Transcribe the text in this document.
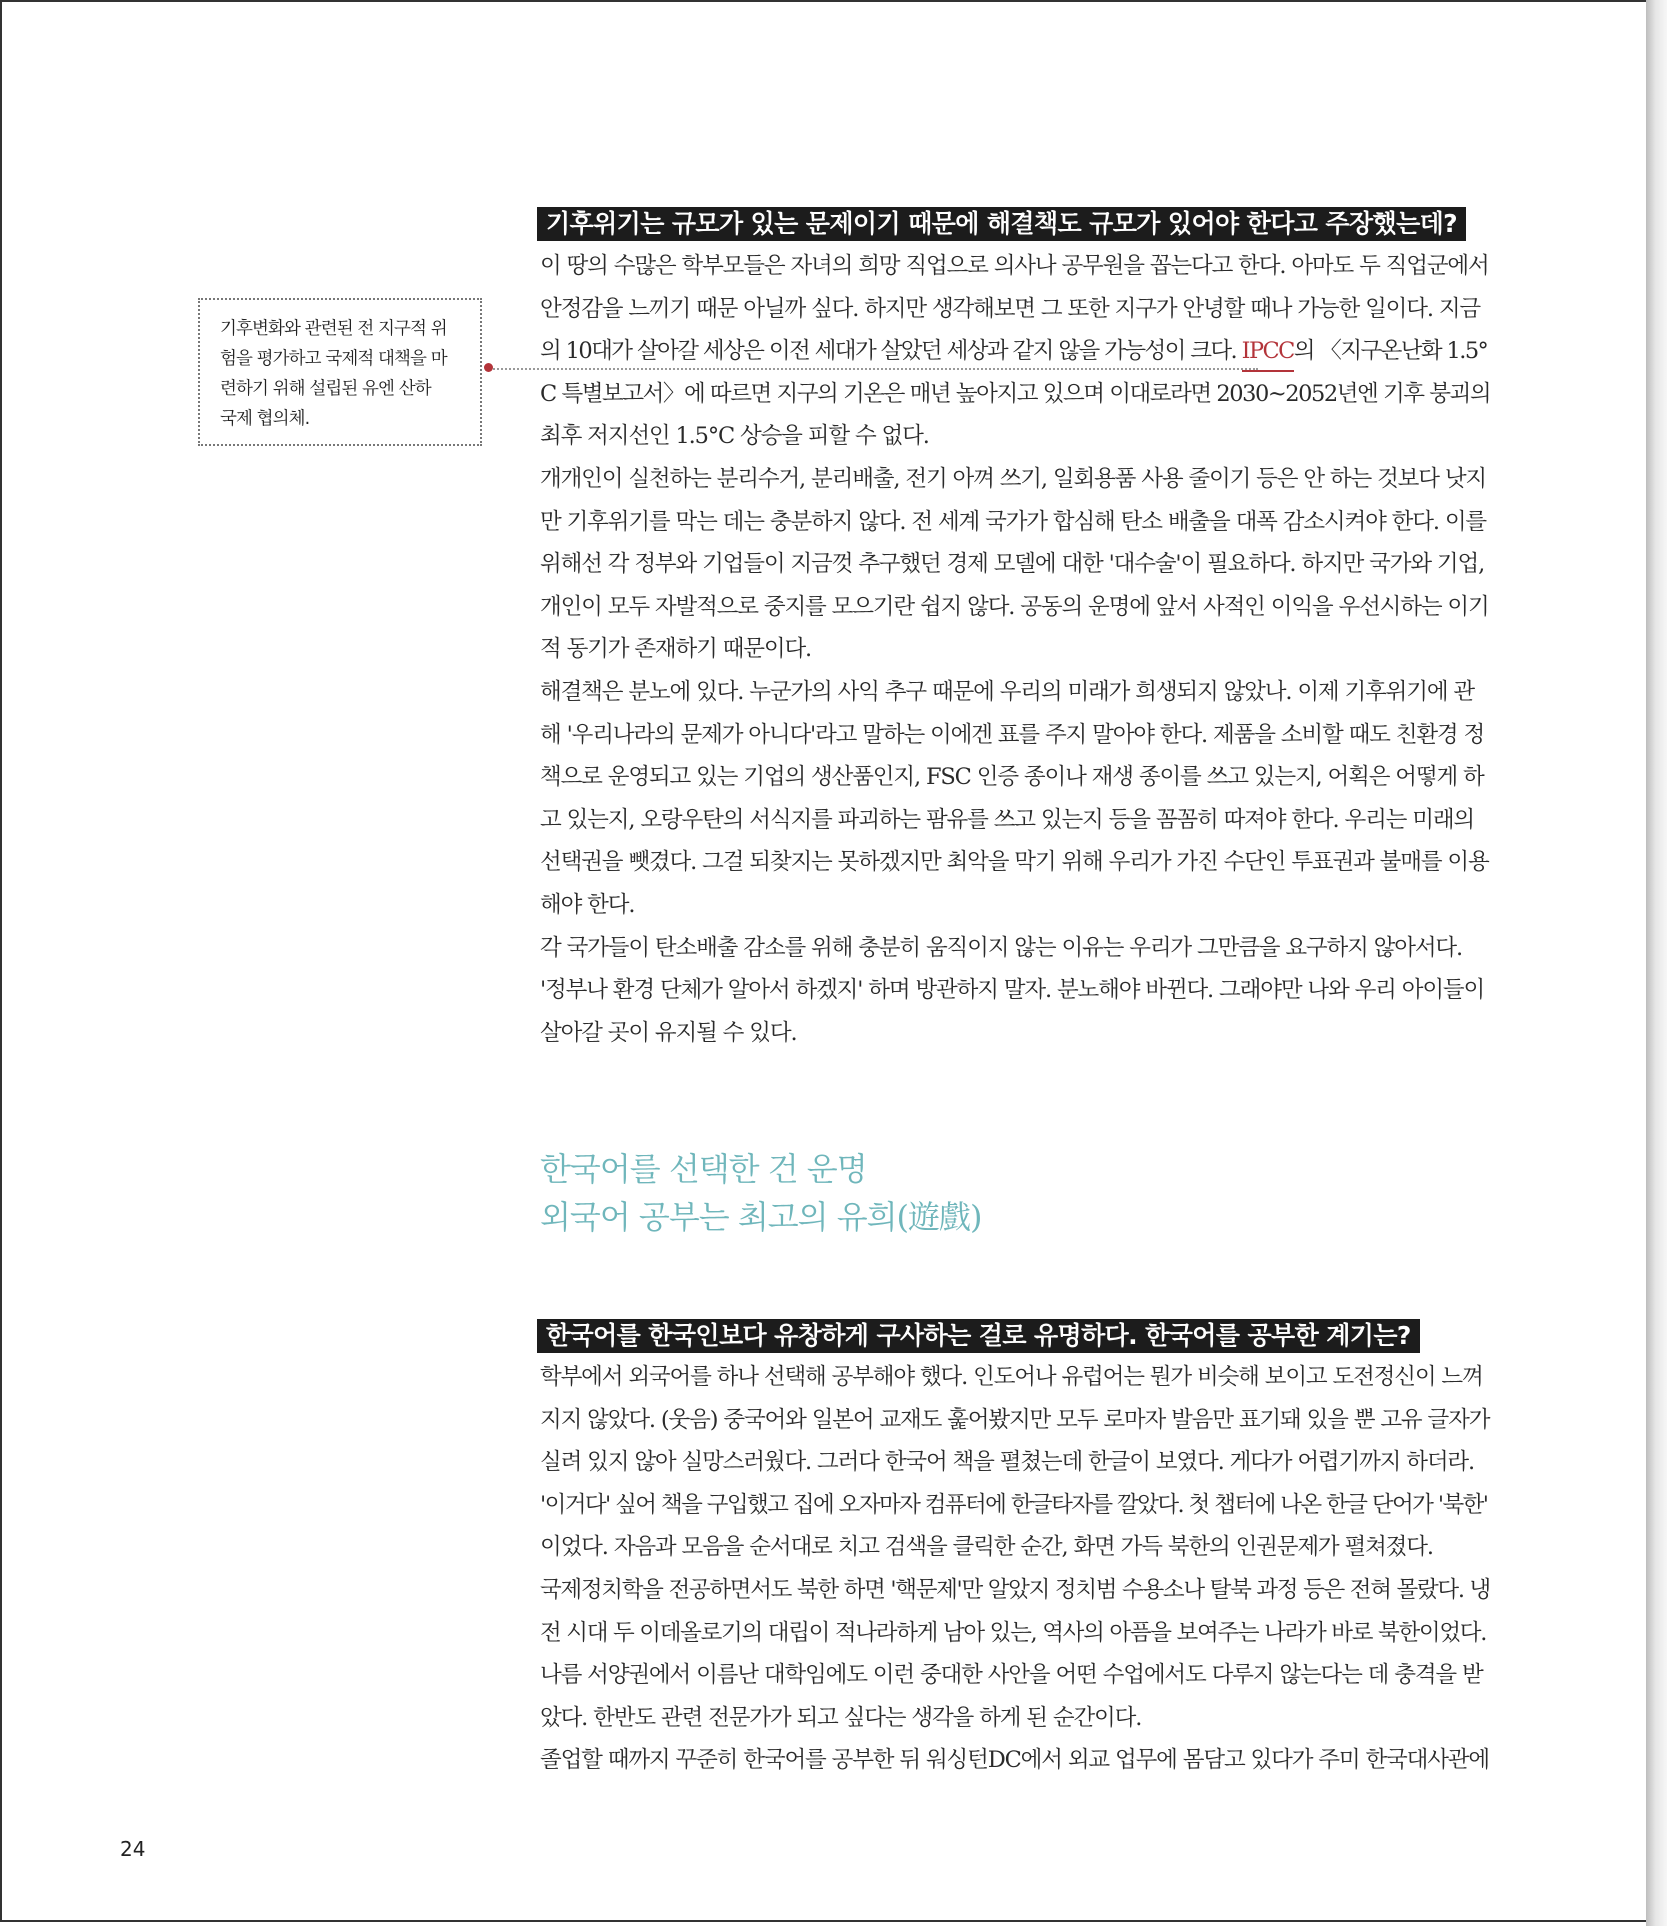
기후위기는 규모가 있는 문제이기 때문에 해결책도 규모가 있어야 한다고 주장했는데?
이 땅의 수많은 학부모들은 자녀의 희망 직업으로 의사나 공무원을 꼽는다고 한다. 아마도 두 직업군에서
안정감을 느끼기 때문 아닐까 싶다. 하지만 생각해보면 그 또한 지구가 안녕할 때나 가능한 일이다. 지금
의 10대가 살아갈 세상은 이전 세대가 살았던 세상과 같지 않을 가능성이 크다. IPCC의 〈지구온난화 1.5°
C 특별보고서〉에 따르면 지구의 기온은 매년 높아지고 있으며 이대로라면 2030~2052년엔 기후 붕괴의
최후 저지선인 1.5°C 상승을 피할 수 없다.
개개인이 실천하는 분리수거, 분리배출, 전기 아껴 쓰기, 일회용품 사용 줄이기 등은 안 하는 것보다 낫지
만 기후위기를 막는 데는 충분하지 않다. 전 세계 국가가 합심해 탄소 배출을 대폭 감소시켜야 한다. 이를
위해선 각 정부와 기업들이 지금껏 추구했던 경제 모델에 대한 '대수술'이 필요하다. 하지만 국가와 기업,
개인이 모두 자발적으로 중지를 모으기란 쉽지 않다. 공동의 운명에 앞서 사적인 이익을 우선시하는 이기
적 동기가 존재하기 때문이다.
해결책은 분노에 있다. 누군가의 사익 추구 때문에 우리의 미래가 희생되지 않았나. 이제 기후위기에 관
해 '우리나라의 문제가 아니다'라고 말하는 이에겐 표를 주지 말아야 한다. 제품을 소비할 때도 친환경 정
책으로 운영되고 있는 기업의 생산품인지, FSC 인증 종이나 재생 종이를 쓰고 있는지, 어획은 어떻게 하
고 있는지, 오랑우탄의 서식지를 파괴하는 팜유를 쓰고 있는지 등을 꼼꼼히 따져야 한다. 우리는 미래의
선택권을 뺏겼다. 그걸 되찾지는 못하겠지만 최악을 막기 위해 우리가 가진 수단인 투표권과 불매를 이용
해야 한다.
각 국가들이 탄소배출 감소를 위해 충분히 움직이지 않는 이유는 우리가 그만큼을 요구하지 않아서다.
'정부나 환경 단체가 알아서 하겠지' 하며 방관하지 말자. 분노해야 바뀐다. 그래야만 나와 우리 아이들이
살아갈 곳이 유지될 수 있다.
기후변화와 관련된 전 지구적 위
험을 평가하고 국제적 대책을 마
련하기 위해 설립된 유엔 산하
국제 협의체.
한국어를 선택한 건 운명
외국어 공부는 최고의 유희(遊戲)
한국어를 한국인보다 유창하게 구사하는 걸로 유명하다. 한국어를 공부한 계기는?
학부에서 외국어를 하나 선택해 공부해야 했다. 인도어나 유럽어는 뭔가 비슷해 보이고 도전정신이 느껴
지지 않았다. (웃음) 중국어와 일본어 교재도 훑어봤지만 모두 로마자 발음만 표기돼 있을 뿐 고유 글자가
실려 있지 않아 실망스러웠다. 그러다 한국어 책을 펼쳤는데 한글이 보였다. 게다가 어렵기까지 하더라.
'이거다' 싶어 책을 구입했고 집에 오자마자 컴퓨터에 한글타자를 깔았다. 첫 챕터에 나온 한글 단어가 '북한'
이었다. 자음과 모음을 순서대로 치고 검색을 클릭한 순간, 화면 가득 북한의 인권문제가 펼쳐졌다.
국제정치학을 전공하면서도 북한 하면 '핵문제'만 알았지 정치범 수용소나 탈북 과정 등은 전혀 몰랐다. 냉
전 시대 두 이데올로기의 대립이 적나라하게 남아 있는, 역사의 아픔을 보여주는 나라가 바로 북한이었다.
나름 서양권에서 이름난 대학임에도 이런 중대한 사안을 어떤 수업에서도 다루지 않는다는 데 충격을 받
았다. 한반도 관련 전문가가 되고 싶다는 생각을 하게 된 순간이다.
졸업할 때까지 꾸준히 한국어를 공부한 뒤 워싱턴DC에서 외교 업무에 몸담고 있다가 주미 한국대사관에
24
